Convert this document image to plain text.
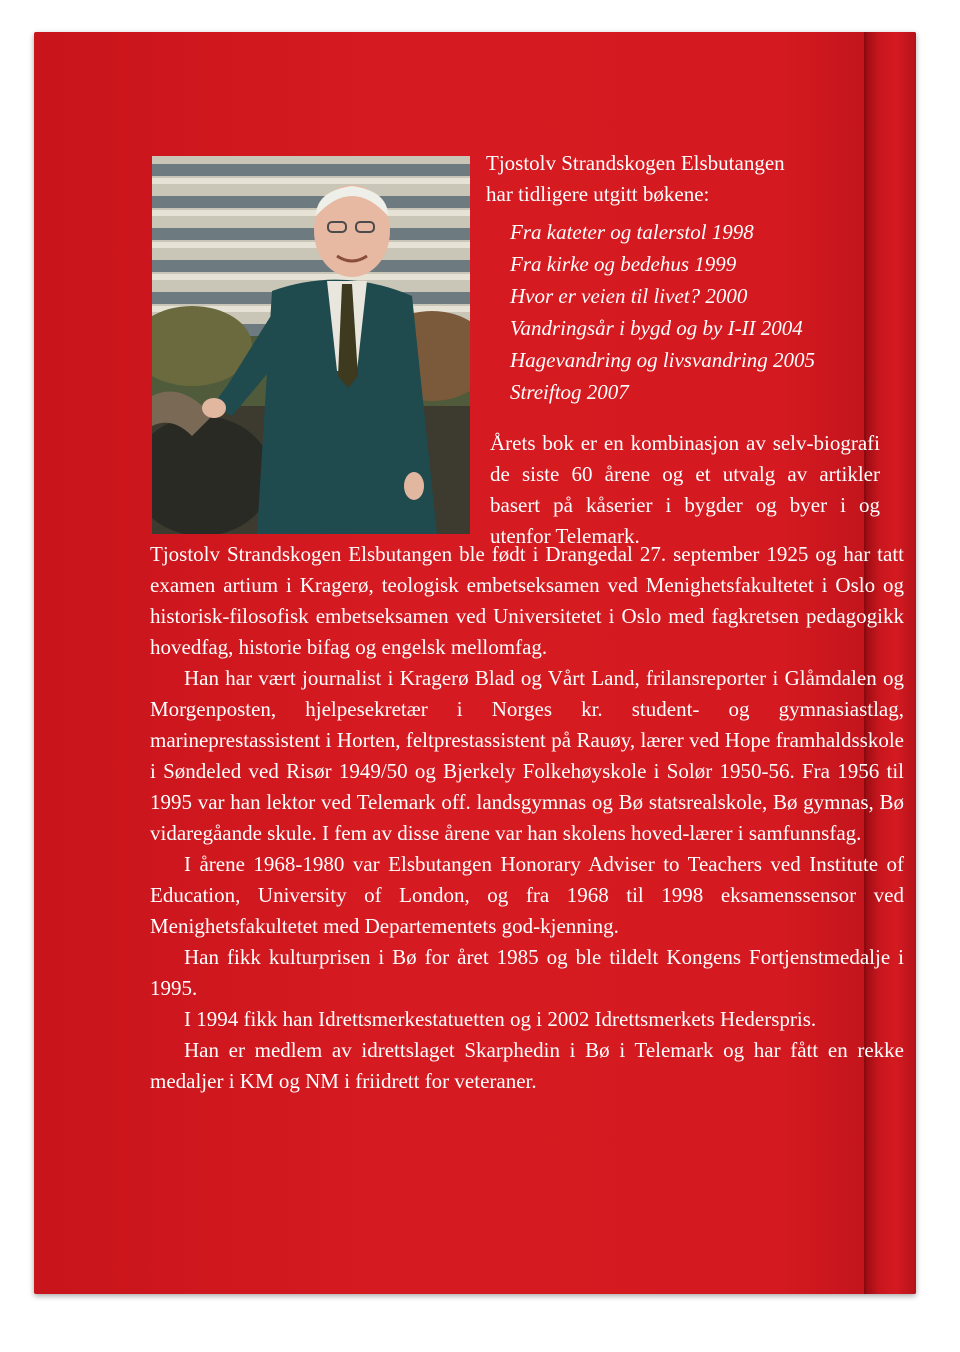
Tjostolv Strandskogen Elsbutangen
har tidligere utgitt bøkene:
Fra kateter og talerstol 1998
Fra kirke og bedehus 1999
Hvor er veien til livet? 2000
Vandringsår i bygd og by I-II 2004
Hagevandring og livsvandring 2005
Streiftog 2007
Årets bok er en kombinasjon av selv-biografi de siste 60 årene og et utvalg av artikler basert på kåserier i bygder og byer i og utenfor Telemark.

Tjostolv Strandskogen Elsbutangen ble født i Drangedal 27. september 1925 og har tatt examen artium i Kragerø, teologisk embetseksamen ved Menighetsfakultetet i Oslo og historisk-filosofisk embetseksamen ved Universitetet i Oslo med fagkretsen pedagogikk hovedfag, historie bifag og engelsk mellomfag.

Han har vært journalist i Kragerø Blad og Vårt Land, frilansreporter i Glåmdalen og Morgenposten, hjelpesekretær i Norges kr. student- og gymnasiastlag, marineprestassistent i Horten, feltprestassistent på Rauøy, lærer ved Hope framhaldsskole i Søndeled ved Risør 1949/50 og Bjerkely Folkehøyskole i Solør 1950-56. Fra 1956 til 1995 var han lektor ved Telemark off. landsgymnas og Bø statsrealskole, Bø gymnas, Bø vidaregåande skule. I fem av disse årene var han skolens hoved-lærer i samfunnsfag.

I årene 1968-1980 var Elsbutangen Honorary Adviser to Teachers ved Institute of Education, University of London, og fra 1968 til 1998 eksamenssensor ved Menighetsfakultetet med Departementets god-kjenning.

Han fikk kulturprisen i Bø for året 1985 og ble tildelt Kongens Fortjenstmedalje i 1995.

I 1994 fikk han Idrettsmerkestatuetten og i 2002 Idrettsmerkets Hederspris.

Han er medlem av idrettslaget Skarphedin i Bø i Telemark og har fått en rekke medaljer i KM og NM i friidrett for veteraner.
